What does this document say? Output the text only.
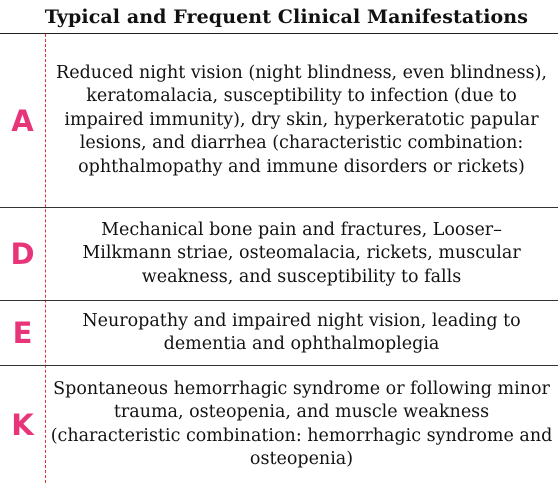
Typical and Frequent Clinical Manifestations
A

Reduced night vision (night blindness, even blindness), keratomalacia, susceptibility to infection (due to impaired immunity), dry skin, hyperkeratotic papular lesions, and diarrhea (characteristic combination: ophthalmopathy and immune disorders or rickets)

D

Mechanical bone pain and fractures, Looser–Milkmann striae, osteomalacia, rickets, muscular weakness, and susceptibility to falls

E	Neuropathy and impaired night vision, leading to dementia and ophthalmoplegia

K

Spontaneous hemorrhagic syndrome or following minor trauma, osteopenia, and muscle weakness (characteristic combination: hemorrhagic syndrome and osteopenia)
